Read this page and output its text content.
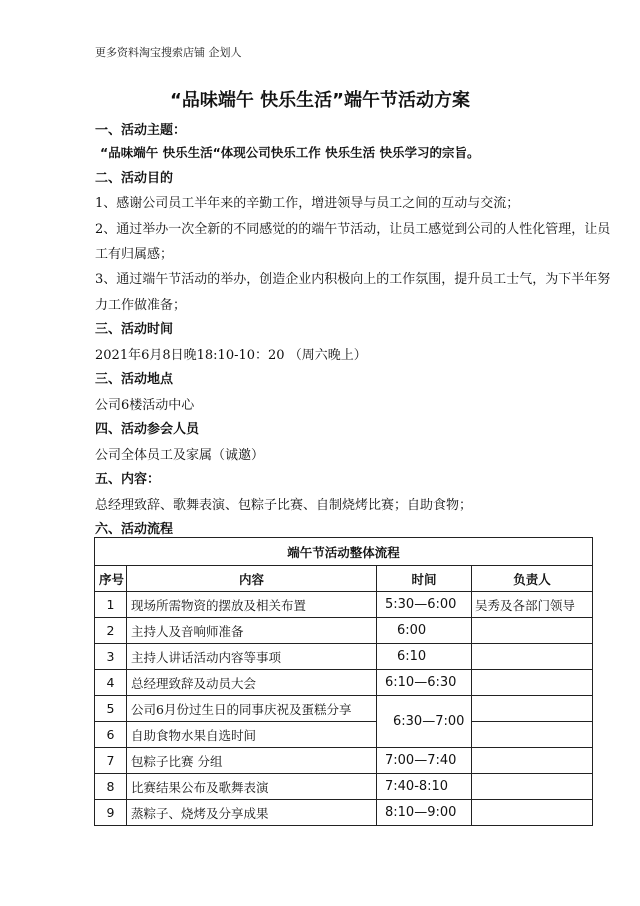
更多资料淘宝搜索店铺 企划人
“品味端午 快乐生活”端午节活动方案
一、活动主题：
“品味端午 快乐生活“体现公司快乐工作 快乐生活 快乐学习的宗旨。
二、活动目的
1、感谢公司员工半年来的辛勤工作，增进领导与员工之间的互动与交流；
2、通过举办一次全新的不同感觉的的端午节活动，让员工感觉到公司的人性化管理，让员
工有归属感；
3、通过端午节活动的举办，创造企业内积极向上的工作氛围，提升员工士气，为下半年努
力工作做准备；
三、活动时间
2021年6月8日晚18:10-10：20 （周六晚上）
三、活动地点
公司6楼活动中心
四、活动参会人员
公司全体员工及家属（诚邀）
五、内容：
总经理致辞、歌舞表演、包粽子比赛、自制烧烤比赛；自助食物；
六、活动流程
端午节活动整体流程			
序号	内容	时间	负责人
1	现场所需物资的摆放及相关布置	5:30—6:00	吴秀及各部门领导
2	主持人及音响师准备	6:00	
3	主持人讲话活动内容等事项	6:10	
4	总经理致辞及动员大会	6:10—6:30	
5	公司6月份过生日的同事庆祝及蛋糕分享	6:30—7:00	
6	自助食物水果自选时间		
7	包粽子比赛 分组	7:00—7:40	
8	比赛结果公布及歌舞表演	7:40-8:10	
9	蒸粽子、烧烤及分享成果	8:10—9:00	
